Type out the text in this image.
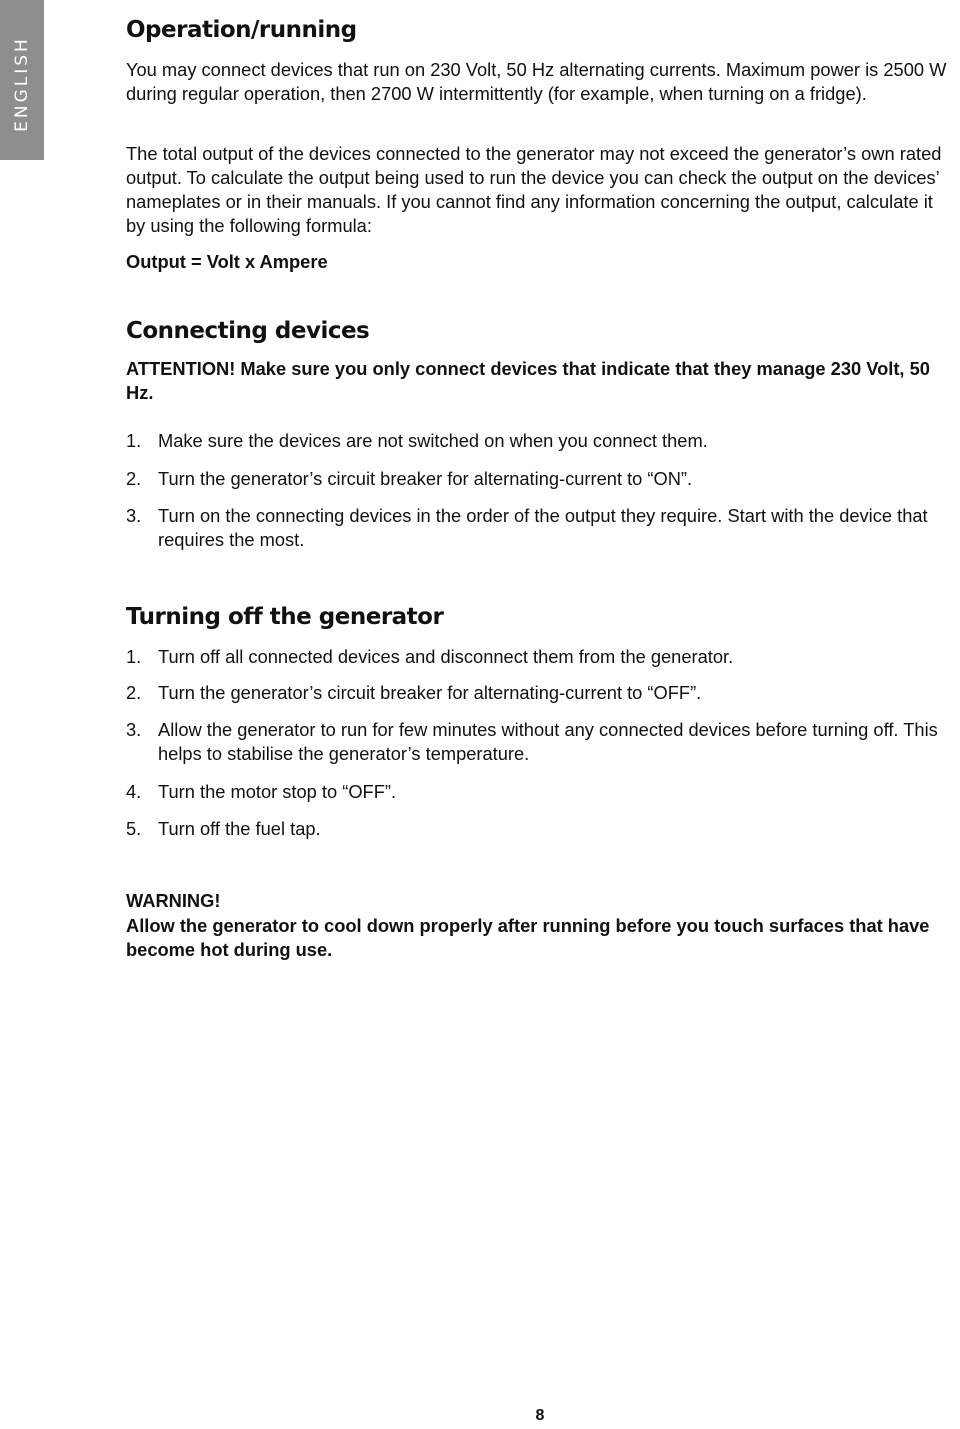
ENGLISH
Operation/running

You may connect devices that run on 230 Volt, 50 Hz alternating currents. Maximum power is 2500 W during regular operation, then 2700 W intermittently (for example, when turning on a fridge).

The total output of the devices connected to the generator may not exceed the generator’s own rated output. To calculate the output being used to run the device you can check the output on the devices’ nameplates or in their manuals. If you cannot find any information concerning the output, calculate it by using the following formula:

Output = Volt x Ampere

Connecting devices

ATTENTION! Make sure you only connect devices that indicate that they manage 230 Volt, 50 Hz.

1. Make sure the devices are not switched on when you connect them.
2. Turn the generator’s circuit breaker for alternating-current to “ON”.
3. Turn on the connecting devices in the order of the output they require. Start with the device that requires the most.
Turning off the generator
1. Turn off all connected devices and disconnect them from the generator.
2. Turn the generator’s circuit breaker for alternating-current to “OFF”.
3. Allow the generator to run for few minutes without any connected devices before turning off. This helps to stabilise the generator’s temperature.
4. Turn the motor stop to “OFF”.
5. Turn off the fuel tap.

WARNING!

Allow the generator to cool down properly after running before you touch surfaces that have become hot during use.

8
